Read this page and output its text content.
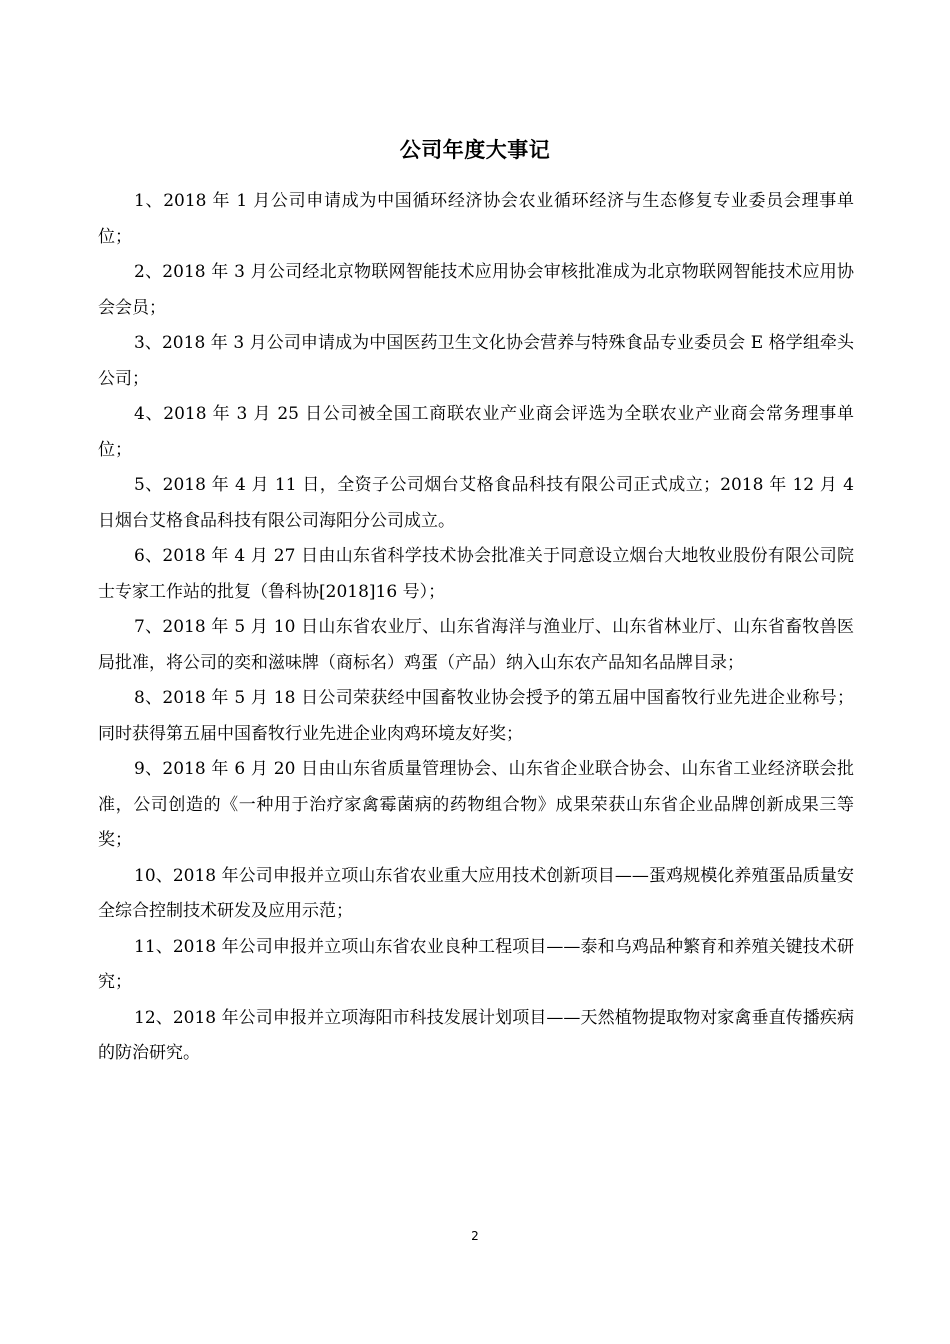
公司年度大事记

1、2018 年 1 月公司申请成为中国循环经济协会农业循环经济与生态修复专业委员会理事单位；

2、2018 年 3 月公司经北京物联网智能技术应用协会审核批准成为北京物联网智能技术应用协会会员；

3、2018 年 3 月公司申请成为中国医药卫生文化协会营养与特殊食品专业委员会 E 格学组牵头公司；

4、2018 年 3 月 25 日公司被全国工商联农业产业商会评选为全联农业产业商会常务理事单位；

5、2018 年 4 月 11 日，全资子公司烟台艾格食品科技有限公司正式成立；2018 年 12 月 4 日烟台艾格食品科技有限公司海阳分公司成立。

6、2018 年 4 月 27 日由山东省科学技术协会批准关于同意设立烟台大地牧业股份有限公司院士专家工作站的批复（鲁科协[2018]16 号）；

7、2018 年 5 月 10 日山东省农业厅、山东省海洋与渔业厅、山东省林业厅、山东省畜牧兽医局批准，将公司的奕和滋味牌（商标名）鸡蛋（产品）纳入山东农产品知名品牌目录；

8、2018 年 5 月 18 日公司荣获经中国畜牧业协会授予的第五届中国畜牧行业先进企业称号；同时获得第五届中国畜牧行业先进企业肉鸡环境友好奖；

9、2018 年 6 月 20 日由山东省质量管理协会、山东省企业联合协会、山东省工业经济联会批准，公司创造的《一种用于治疗家禽霉菌病的药物组合物》成果荣获山东省企业品牌创新成果三等奖；

10、2018 年公司申报并立项山东省农业重大应用技术创新项目——蛋鸡规模化养殖蛋品质量安全综合控制技术研发及应用示范；

11、2018 年公司申报并立项山东省农业良种工程项目——泰和乌鸡品种繁育和养殖关键技术研究；

12、2018 年公司申报并立项海阳市科技发展计划项目——天然植物提取物对家禽垂直传播疾病的防治研究。

2
